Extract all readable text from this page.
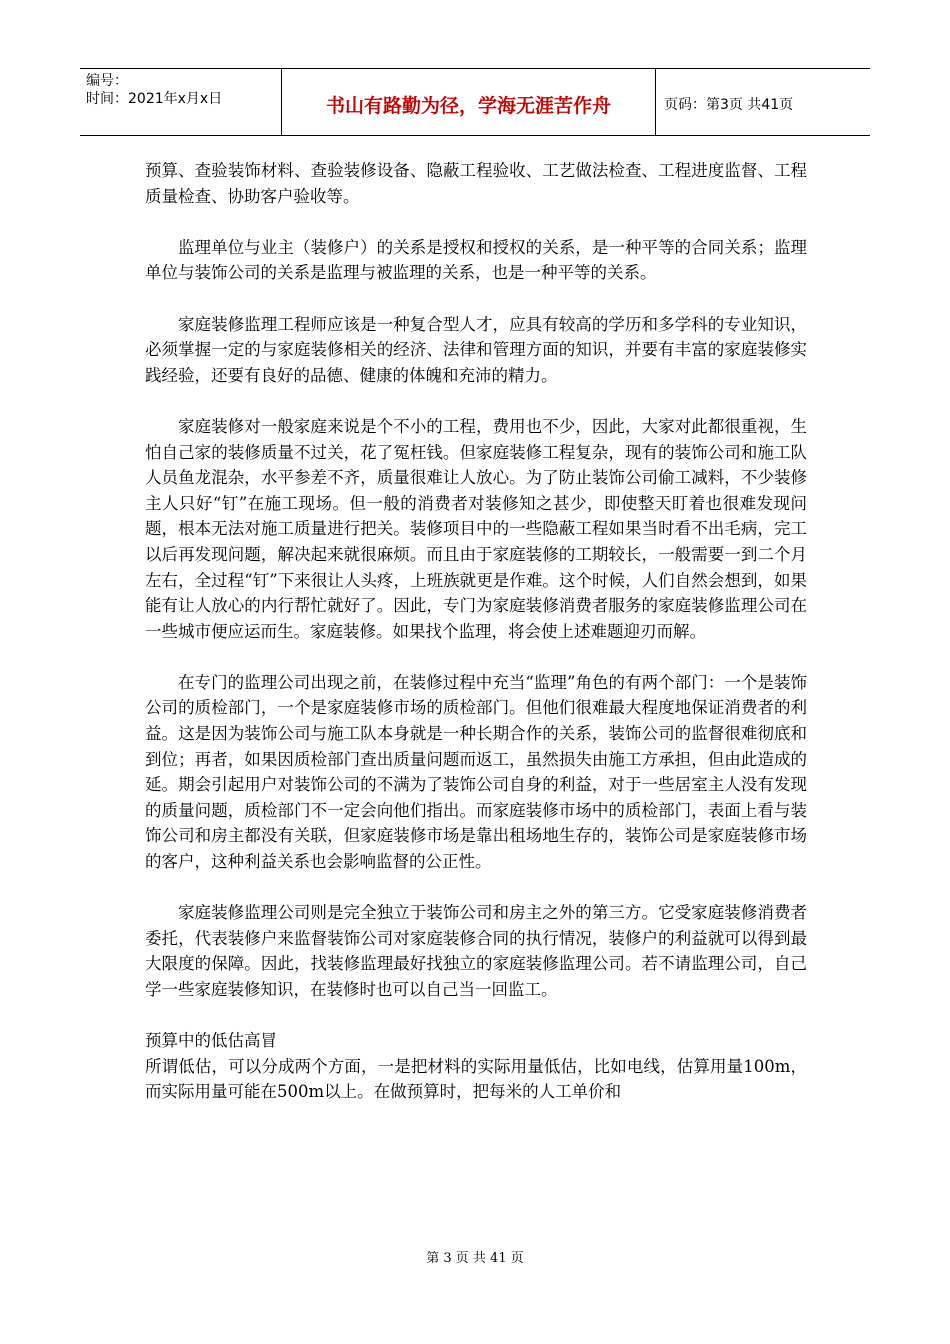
编号：
时间：2021年x月x日	书山有路勤为径，学海无涯苦作舟	页码：第3页 共41页

预算、查验装饰材料、查验装修设备、隐蔽工程验收、工艺做法检查、工程进度监督、工程质量检查、协助客户验收等。

监理单位与业主（装修户）的关系是授权和授权的关系，是一种平等的合同关系；监理单位与装饰公司的关系是监理与被监理的关系，也是一种平等的关系。

家庭装修监理工程师应该是一种复合型人才，应具有较高的学历和多学科的专业知识，必须掌握一定的与家庭装修相关的经济、法律和管理方面的知识，并要有丰富的家庭装修实践经验，还要有良好的品德、健康的体魄和充沛的精力。

家庭装修对一般家庭来说是个不小的工程，费用也不少，因此，大家对此都很重视，生怕自己家的装修质量不过关，花了冤枉钱。但家庭装修工程复杂，现有的装饰公司和施工队人员鱼龙混杂，水平参差不齐，质量很难让人放心。为了防止装饰公司偷工减料，不少装修主人只好“钉”在施工现场。但一般的消费者对装修知之甚少，即使整天盯着也很难发现问题，根本无法对施工质量进行把关。装修项目中的一些隐蔽工程如果当时看不出毛病，完工以后再发现问题，解决起来就很麻烦。而且由于家庭装修的工期较长，一般需要一到二个月左右，全过程“钉”下来很让人头疼，上班族就更是作难。这个时候，人们自然会想到，如果能有让人放心的内行帮忙就好了。因此，专门为家庭装修消费者服务的家庭装修监理公司在一些城市便应运而生。家庭装修。如果找个监理，将会使上述难题迎刃而解。

在专门的监理公司出现之前，在装修过程中充当“监理”角色的有两个部门：一个是装饰公司的质检部门，一个是家庭装修市场的质检部门。但他们很难最大程度地保证消费者的利益。这是因为装饰公司与施工队本身就是一种长期合作的关系，装饰公司的监督很难彻底和到位；再者，如果因质检部门查出质量问题而返工，虽然损失由施工方承担，但由此造成的延。期会引起用户对装饰公司的不满为了装饰公司自身的利益，对于一些居室主人没有发现的质量问题，质检部门不一定会向他们指出。而家庭装修市场中的质检部门，表面上看与装饰公司和房主都没有关联，但家庭装修市场是靠出租场地生存的，装饰公司是家庭装修市场的客户，这种利益关系也会影响监督的公正性。

家庭装修监理公司则是完全独立于装饰公司和房主之外的第三方。它受家庭装修消费者委托，代表装修户来监督装饰公司对家庭装修合同的执行情况，装修户的利益就可以得到最大限度的保障。因此，找装修监理最好找独立的家庭装修监理公司。若不请监理公司，自己学一些家庭装修知识，在装修时也可以自己当一回监工。

预算中的低估高冒

所谓低估，可以分成两个方面，一是把材料的实际用量低估，比如电线，估算用量100m，而实际用量可能在500m以上。在做预算时，把每米的人工单价和

第 3 页 共 41 页
